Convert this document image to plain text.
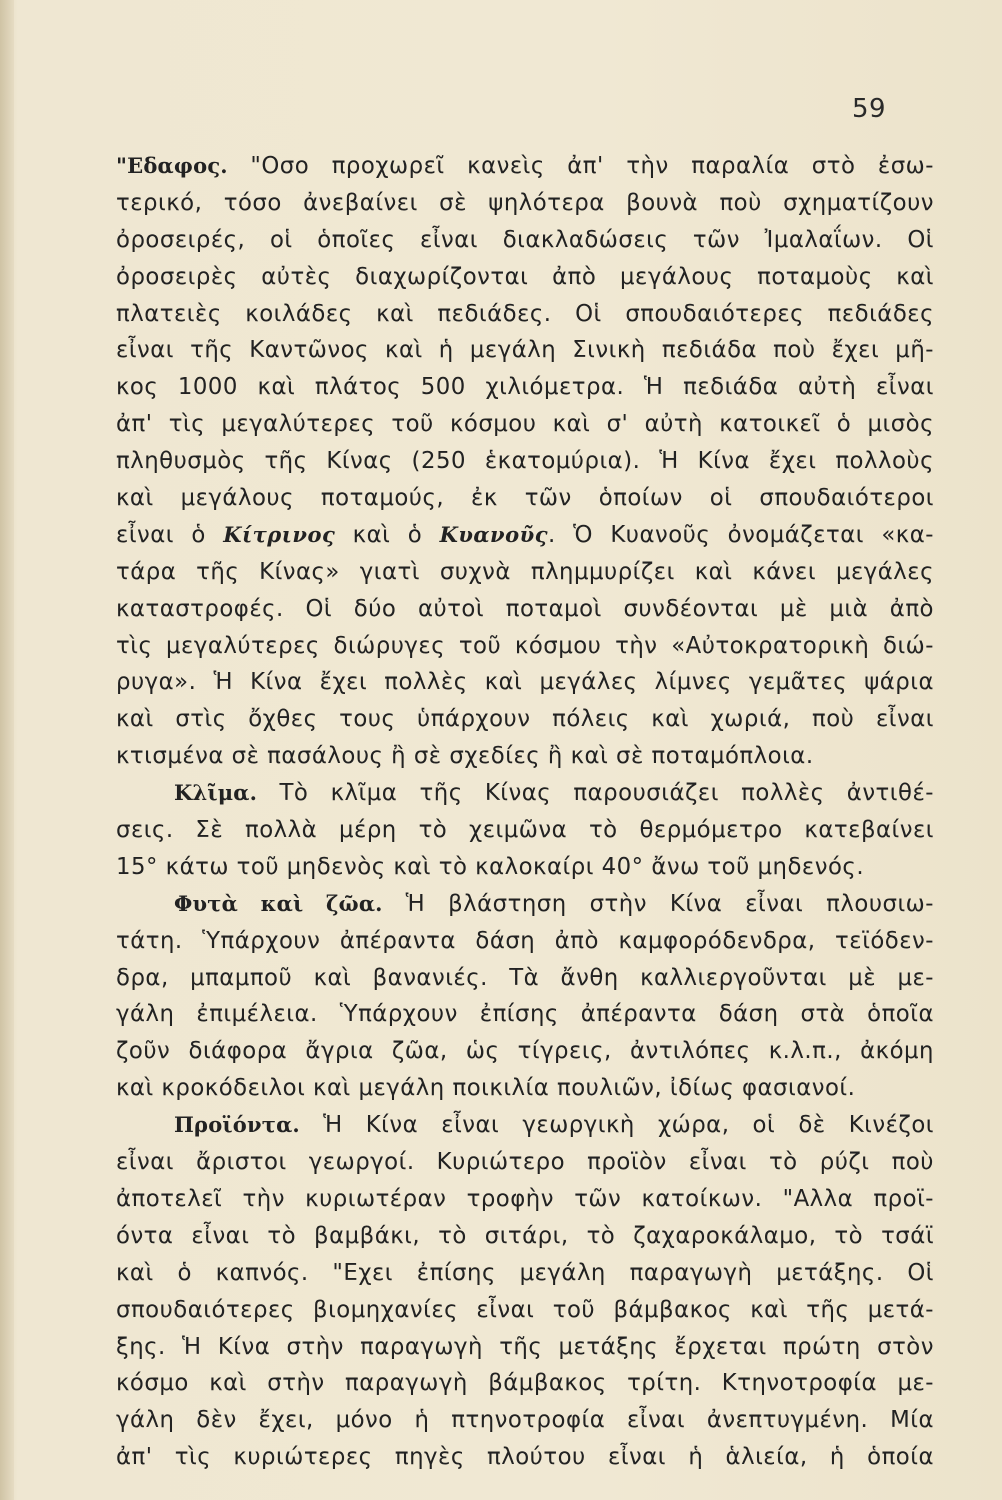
59
"Εδαφος. "Οσο προχωρεῖ κανεὶς ἀπ' τὴν παραλία στὸ ἐσω-
τερικό, τόσο ἀνεβαίνει σὲ ψηλότερα βουνὰ ποὺ σχηματίζουν
ὀροσειρές, οἱ ὁποῖες εἶναι διακλαδώσεις τῶν Ἰμαλαΐων. Οἱ
ὀροσειρὲς αὐτὲς διαχωρίζονται ἀπὸ μεγάλους ποταμοὺς καὶ
πλατειὲς κοιλάδες καὶ πεδιάδες. Οἱ σπουδαιότερες πεδιάδες
εἶναι τῆς Καντῶνος καὶ ἡ μεγάλη Σινικὴ πεδιάδα ποὺ ἔχει μῆ-
κος 1000 καὶ πλάτος 500 χιλιόμετρα. Ἡ πεδιάδα αὐτὴ εἶναι
ἀπ' τὶς μεγαλύτερες τοῦ κόσμου καὶ σ' αὐτὴ κατοικεῖ ὁ μισὸς
πληθυσμὸς τῆς Κίνας (250 ἑκατομύρια). Ἡ Κίνα ἔχει πολλοὺς
καὶ μεγάλους ποταμούς, ἐκ τῶν ὁποίων οἱ σπουδαιότεροι
εἶναι ὁ Κίτρινος καὶ ὁ Κυανοῦς. Ὁ Κυανοῦς ὀνομάζεται «κα-
τάρα τῆς Κίνας» γιατὶ συχνὰ πλημμυρίζει καὶ κάνει μεγάλες
καταστροφές. Οἱ δύο αὐτοὶ ποταμοὶ συνδέονται μὲ μιὰ ἀπὸ
τὶς μεγαλύτερες διώρυγες τοῦ κόσμου τὴν «Αὐτοκρατορικὴ διώ-
ρυγα». Ἡ Κίνα ἔχει πολλὲς καὶ μεγάλες λίμνες γεμᾶτες ψάρια
καὶ στὶς ὄχθες τους ὑπάρχουν πόλεις καὶ χωριά, ποὺ εἶναι
κτισμένα σὲ πασάλους ἢ σὲ σχεδίες ἢ καὶ σὲ ποταμόπλοια.
Κλῖμα. Τὸ κλῖμα τῆς Κίνας παρουσιάζει πολλὲς ἀντιθέ-
σεις. Σὲ πολλὰ μέρη τὸ χειμῶνα τὸ θερμόμετρο κατεβαίνει
15° κάτω τοῦ μηδενὸς καὶ τὸ καλοκαίρι 40° ἄνω τοῦ μηδενός.
Φυτὰ καὶ ζῶα. Ἡ βλάστηση στὴν Κίνα εἶναι πλουσιω-
τάτη. Ὑπάρχουν ἀπέραντα δάση ἀπὸ καμφορόδενδρα, τεϊόδεν-
δρα, μπαμποῦ καὶ βανανιές. Τὰ ἄνθη καλλιεργοῦνται μὲ με-
γάλη ἐπιμέλεια. Ὑπάρχουν ἐπίσης ἀπέραντα δάση στὰ ὁποῖα
ζοῦν διάφορα ἄγρια ζῶα, ὡς τίγρεις, ἀντιλόπες κ.λ.π., ἀκόμη
καὶ κροκόδειλοι καὶ μεγάλη ποικιλία πουλιῶν, ἰδίως φασιανοί.
Προϊόντα. Ἡ Κίνα εἶναι γεωργικὴ χώρα, οἱ δὲ Κινέζοι
εἶναι ἄριστοι γεωργοί. Κυριώτερο προϊὸν εἶναι τὸ ρύζι ποὺ
ἀποτελεῖ τὴν κυριωτέραν τροφὴν τῶν κατοίκων. "Αλλα προϊ-
όντα εἶναι τὸ βαμβάκι, τὸ σιτάρι, τὸ ζαχαροκάλαμο, τὸ τσάϊ
καὶ ὁ καπνός. "Εχει ἐπίσης μεγάλη παραγωγὴ μετάξης. Οἱ
σπουδαιότερες βιομηχανίες εἶναι τοῦ βάμβακος καὶ τῆς μετά-
ξης. Ἡ Κίνα στὴν παραγωγὴ τῆς μετάξης ἔρχεται πρώτη στὸν
κόσμο καὶ στὴν παραγωγὴ βάμβακος τρίτη. Κτηνοτροφία με-
γάλη δὲν ἔχει, μόνο ἡ πτηνοτροφία εἶναι ἀνεπτυγμένη. Μία
ἀπ' τὶς κυριώτερες πηγὲς πλούτου εἶναι ἡ ἁλιεία, ἡ ὁποία
